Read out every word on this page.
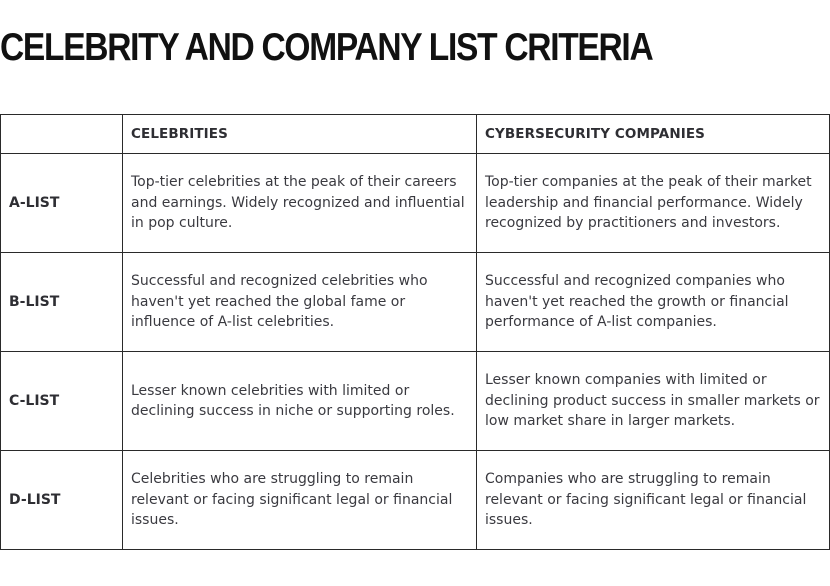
CELEBRITY AND COMPANY LIST CRITERIA
	CELEBRITIES	CYBERSECURITY COMPANIES
A-LIST	Top-tier celebrities at the peak of their careers and earnings. Widely recognized and influential in pop culture.	Top-tier companies at the peak of their market leadership and financial performance. Widely recognized by practitioners and investors.
B-LIST	Successful and recognized celebrities who haven't yet reached the global fame or influence of A-list celebrities.	Successful and recognized companies who haven't yet reached the growth or financial performance of A-list companies.
C-LIST	Lesser known celebrities with limited or declining success in niche or supporting roles.	Lesser known companies with limited or declining product success in smaller markets or low market share in larger markets.
D-LIST	Celebrities who are struggling to remain relevant or facing significant legal or financial issues.	Companies who are struggling to remain relevant or facing significant legal or financial issues.
